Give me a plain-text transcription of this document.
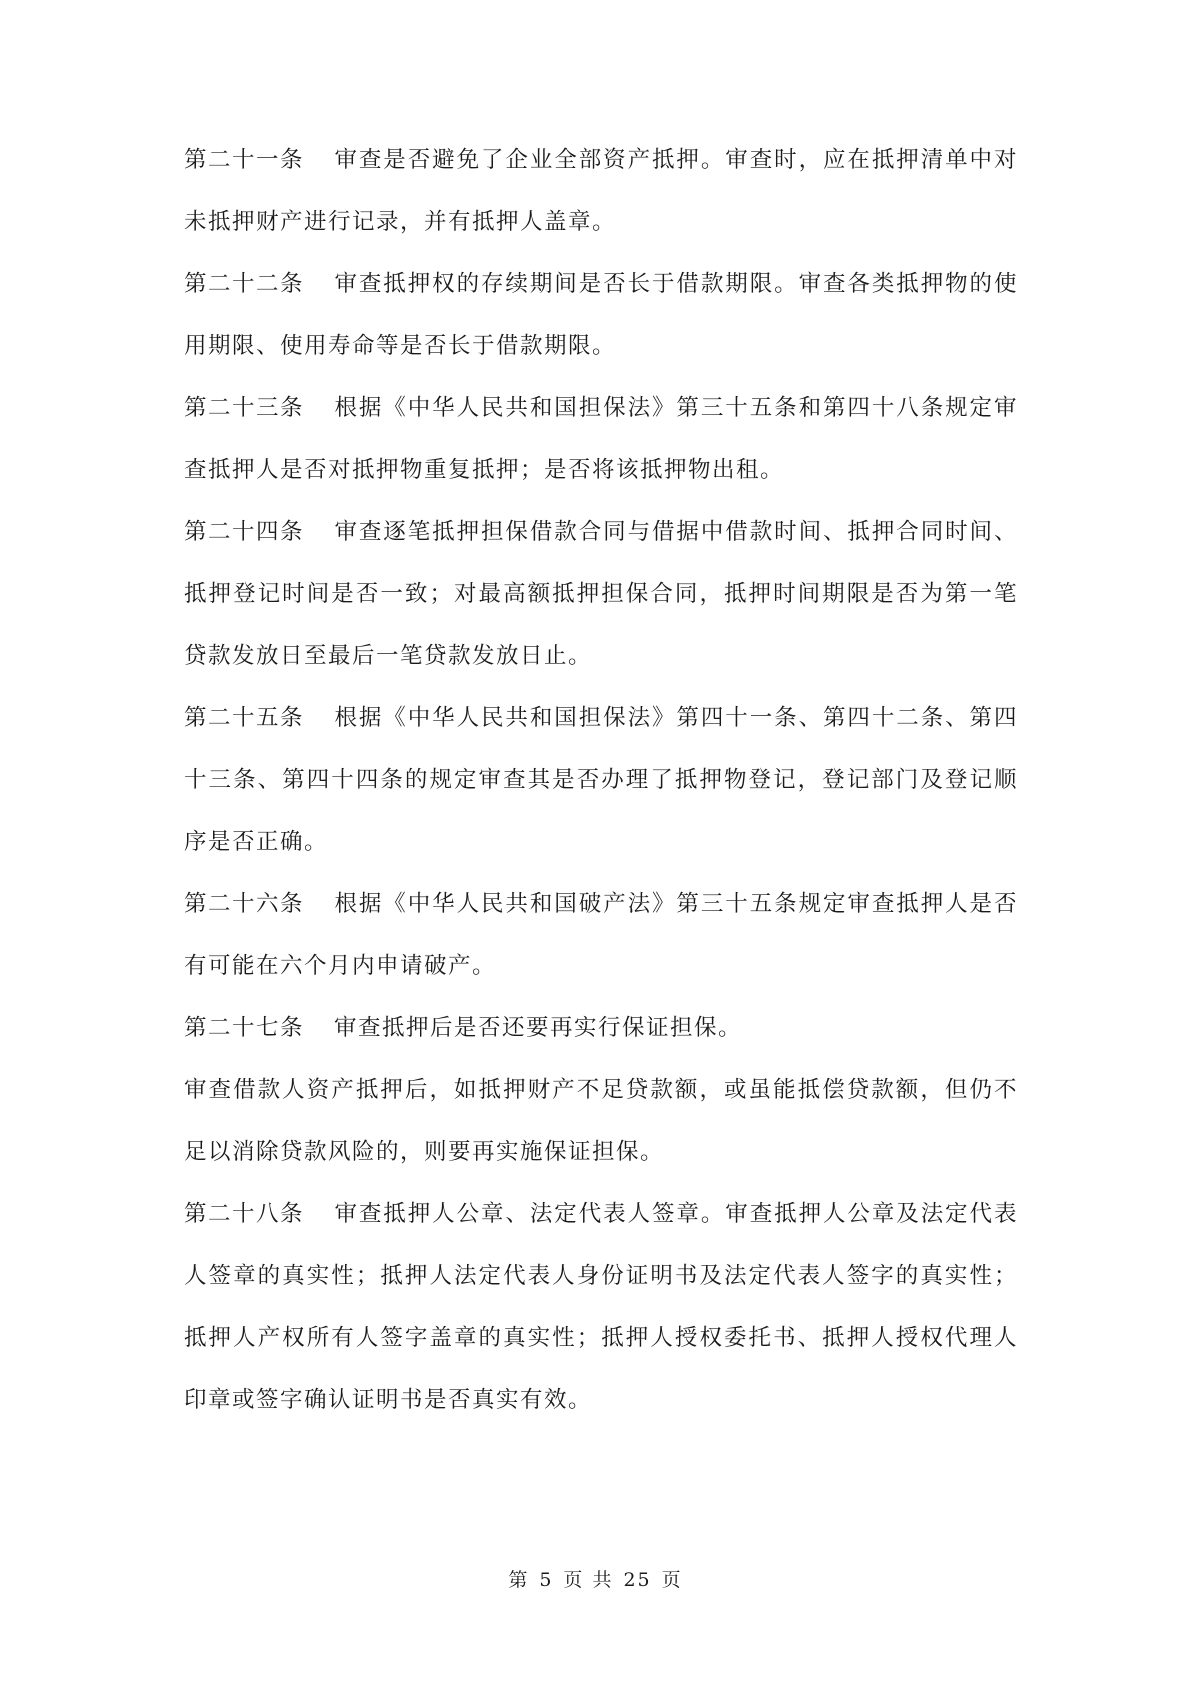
第二十一条 审查是否避免了企业全部资产抵押。审查时，应在抵押清单中对未抵押财产进行记录，并有抵押人盖章。

第二十二条 审查抵押权的存续期间是否长于借款期限。审查各类抵押物的使用期限、使用寿命等是否长于借款期限。

第二十三条 根据《中华人民共和国担保法》第三十五条和第四十八条规定审查抵押人是否对抵押物重复抵押；是否将该抵押物出租。

第二十四条 审查逐笔抵押担保借款合同与借据中借款时间、抵押合同时间、抵押登记时间是否一致；对最高额抵押担保合同，抵押时间期限是否为第一笔贷款发放日至最后一笔贷款发放日止。

第二十五条 根据《中华人民共和国担保法》第四十一条、第四十二条、第四十三条、第四十四条的规定审查其是否办理了抵押物登记，登记部门及登记顺序是否正确。

第二十六条 根据《中华人民共和国破产法》第三十五条规定审查抵押人是否有可能在六个月内申请破产。

第二十七条 审查抵押后是否还要再实行保证担保。

审查借款人资产抵押后，如抵押财产不足贷款额，或虽能抵偿贷款额，但仍不足以消除贷款风险的，则要再实施保证担保。

第二十八条 审查抵押人公章、法定代表人签章。审查抵押人公章及法定代表人签章的真实性；抵押人法定代表人身份证明书及法定代表人签字的真实性；抵押人产权所有人签字盖章的真实性；抵押人授权委托书、抵押人授权代理人印章或签字确认证明书是否真实有效。

第 5 页 共 25 页
